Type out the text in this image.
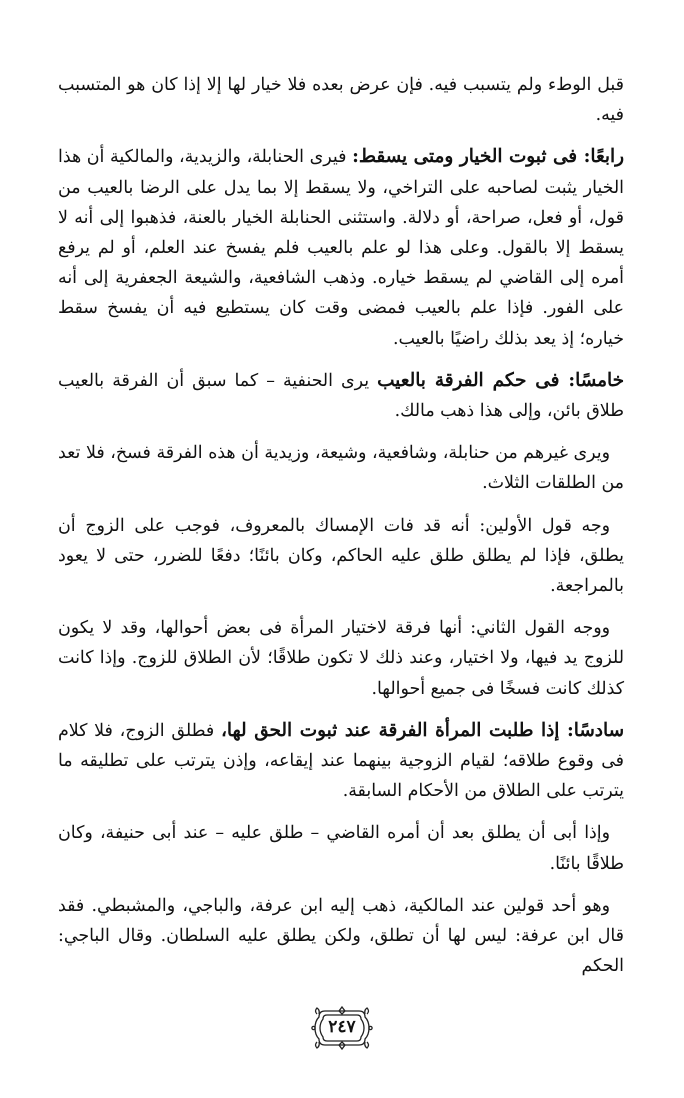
قبل الوطء ولم يتسبب فيه. فإن عرض بعده فلا خيار لها إلا إذا كان هو المتسبب فيه.

رابعًا: فى ثبوت الخيار ومتى يسقط: فيرى الحنابلة، والزيدية، والمالكية أن هذا الخيار يثبت لصاحبه على التراخي، ولا يسقط إلا بما يدل على الرضا بالعيب من قول، أو فعل، صراحة، أو دلالة. واستثنى الحنابلة الخيار بالعنة، فذهبوا إلى أنه لا يسقط إلا بالقول. وعلى هذا لو علم بالعيب فلم يفسخ عند العلم، أو لم يرفع أمره إلى القاضي لم يسقط خياره. وذهب الشافعية، والشيعة الجعفرية إلى أنه على الفور. فإذا علم بالعيب فمضى وقت كان يستطيع فيه أن يفسخ سقط خياره؛ إذ يعد بذلك راضيًا بالعيب.

خامسًا: فى حكم الفرقة بالعيب يرى الحنفية – كما سبق أن الفرقة بالعيب طلاق بائن، وإلى هذا ذهب مالك.

ويرى غيرهم من حنابلة، وشافعية، وشيعة، وزيدية أن هذه الفرقة فسخ، فلا تعد من الطلقات الثلاث.

وجه قول الأولين: أنه قد فات الإمساك بالمعروف، فوجب على الزوج أن يطلق، فإذا لم يطلق طلق عليه الحاكم، وكان بائنًا؛ دفعًا للضرر، حتى لا يعود بالمراجعة.

ووجه القول الثاني: أنها فرقة لاختيار المرأة فى بعض أحوالها، وقد لا يكون للزوج يد فيها، ولا اختيار، وعند ذلك لا تكون طلاقًا؛ لأن الطلاق للزوج. وإذا كانت كذلك كانت فسخًا فى جميع أحوالها.

سادسًا: إذا طلبت المرأة الفرقة عند ثبوت الحق لها، فطلق الزوج، فلا كلام فى وقوع طلاقه؛ لقيام الزوجية بينهما عند إيقاعه، وإذن يترتب على تطليقه ما يترتب على الطلاق من الأحكام السابقة.

وإذا أبى أن يطلق بعد أن أمره القاضي – طلق عليه – عند أبى حنيفة، وكان طلاقًا بائنًا.

وهو أحد قولين عند المالكية، ذهب إليه ابن عرفة، والباجي، والمشبطي. فقد قال ابن عرفة: ليس لها أن تطلق، ولكن يطلق عليه السلطان. وقال الباجي: الحكم

٢٤٧
